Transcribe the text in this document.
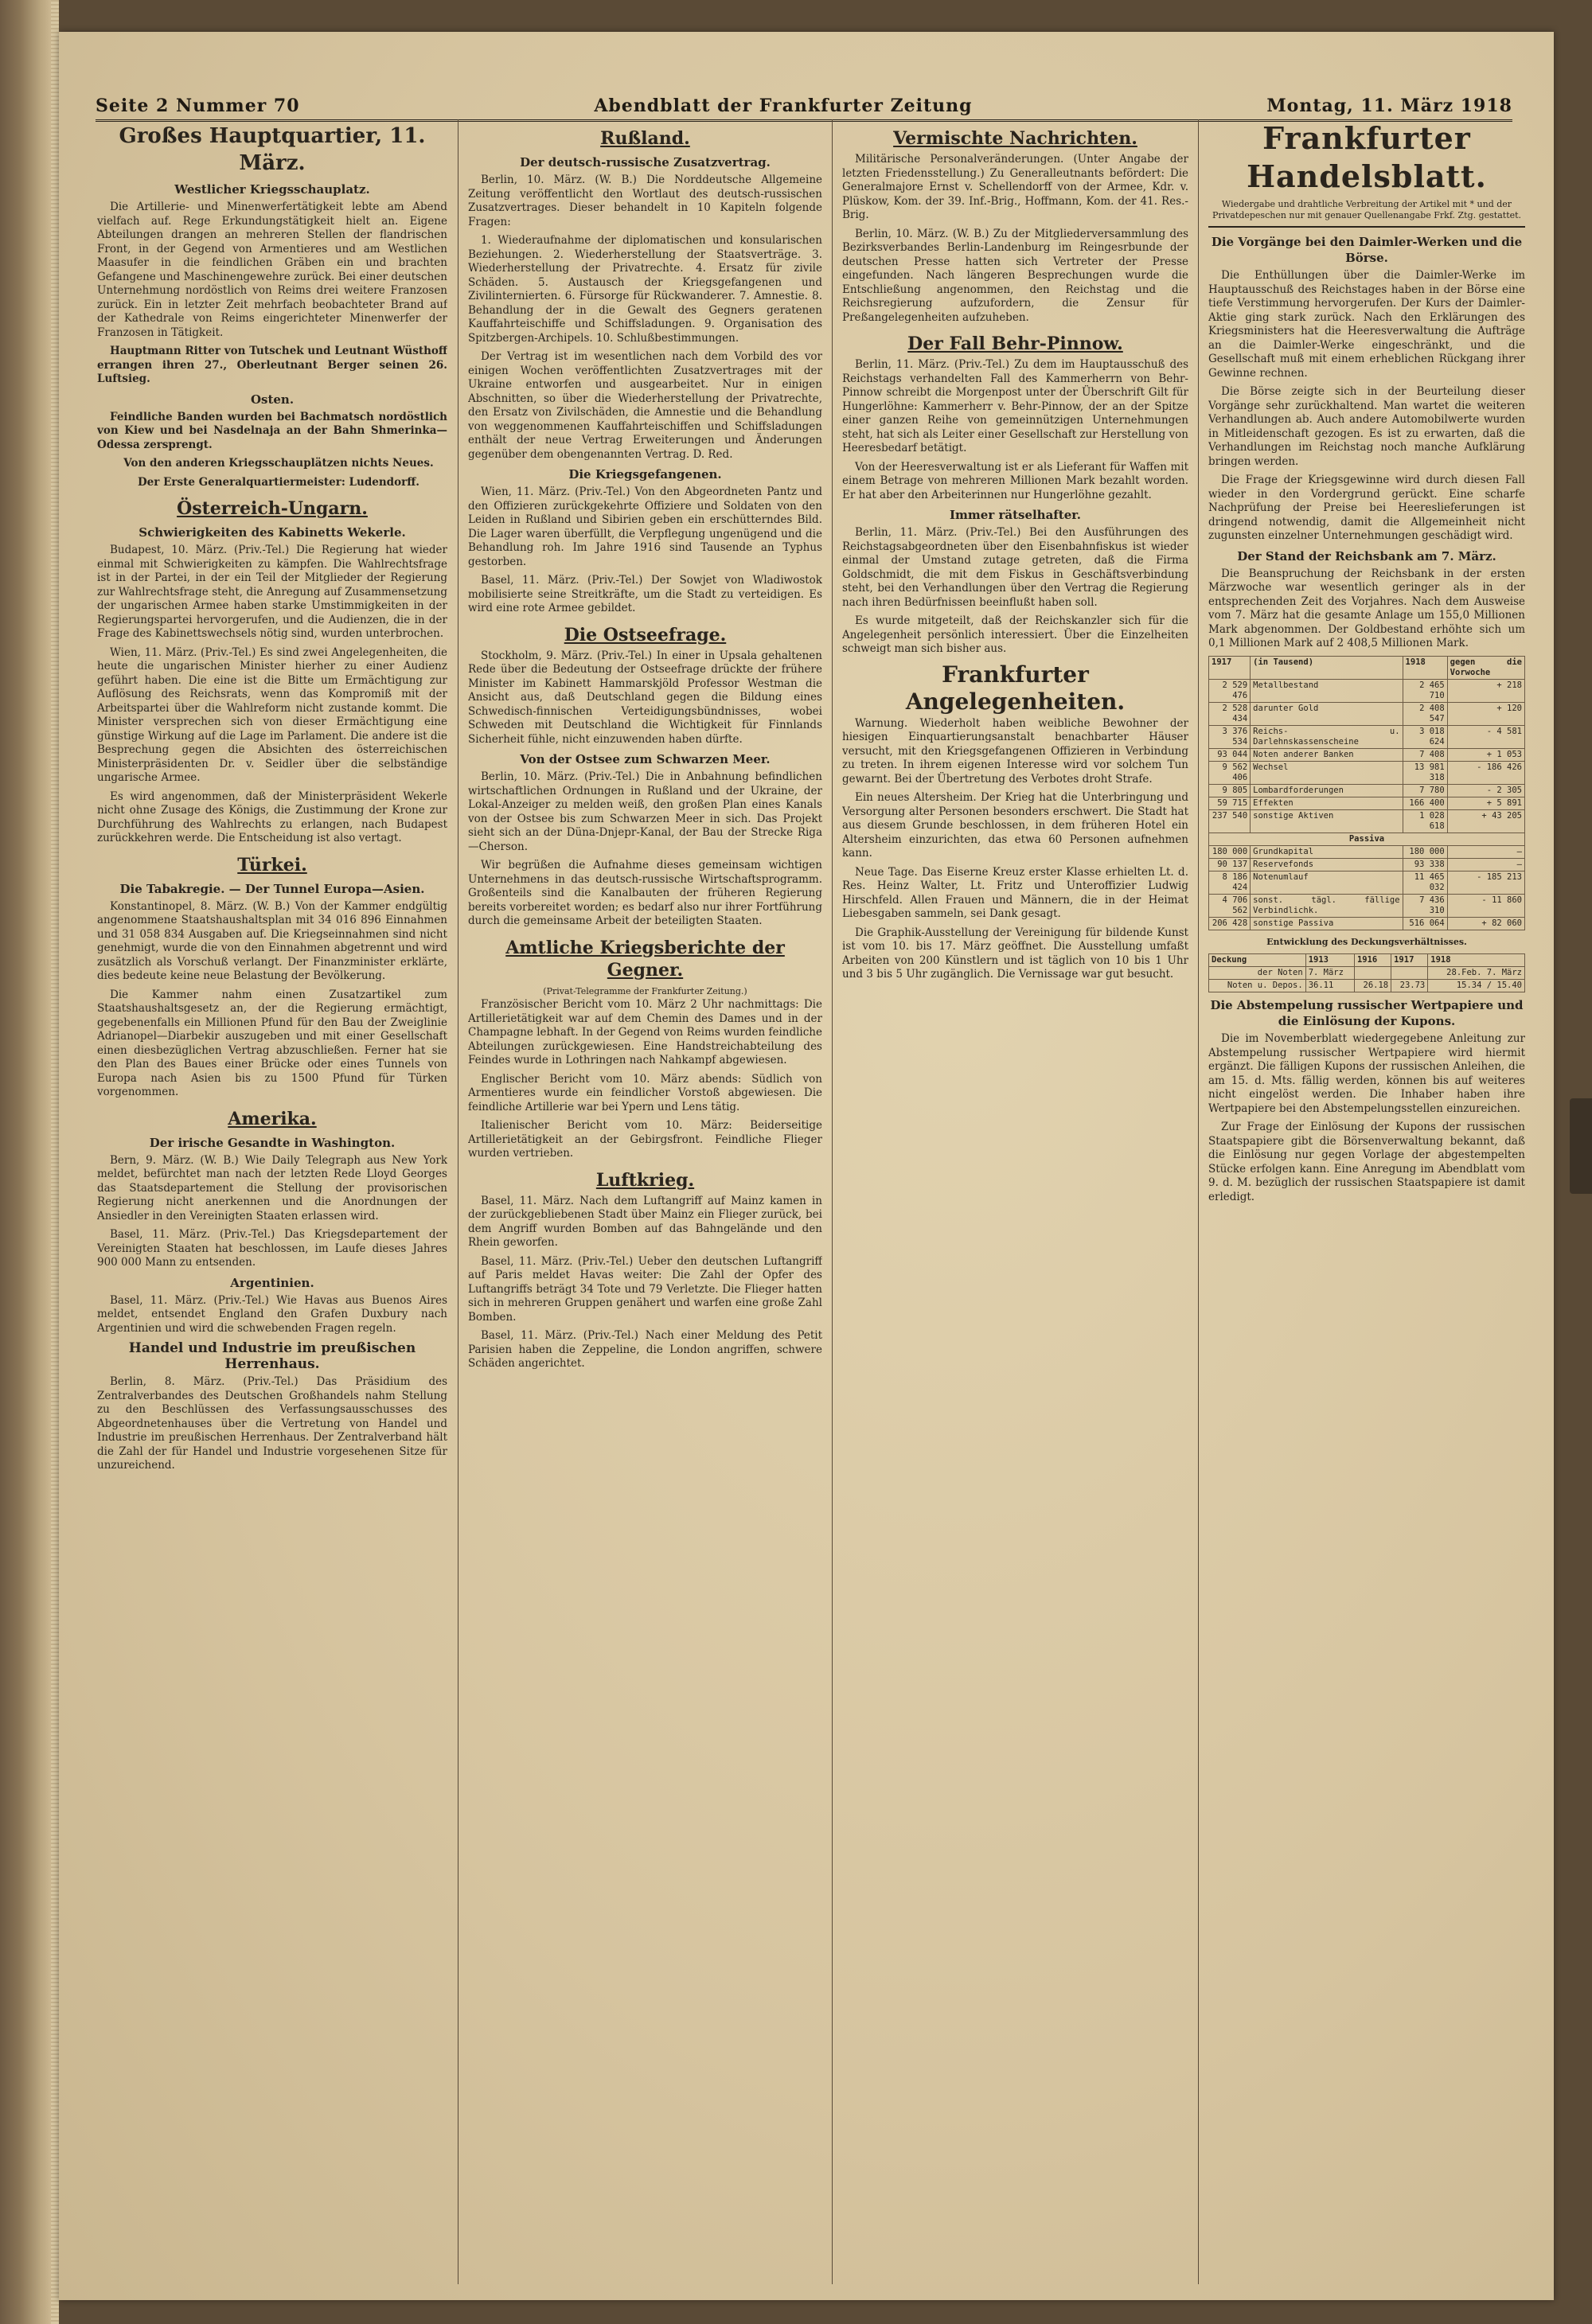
Seite 2 Nummer 70	Abendblatt der Frankfurter Zeitung	Montag, 11. März 1918
Großes Hauptquartier, 11. März.
Westlicher Kriegsschauplatz.

Die Artillerie- und Minenwerfertätigkeit lebte am Abend vielfach auf. Rege Erkundungstätigkeit hielt an. Eigene Abteilungen drangen an mehreren Stellen der flandrischen Front, in der Gegend von Armentieres und am Westlichen Maasufer in die feindlichen Gräben ein und brachten Gefangene und Maschinengewehre zurück. Bei einer deutschen Unternehmung nordöstlich von Reims drei weitere Franzosen zurück. Ein in letzter Zeit mehrfach beobachteter Brand auf der Kathedrale von Reims eingerichteter Minenwerfer der Franzosen in Tätigkeit.

Hauptmann Ritter von Tutschek und Leutnant Wüsthoff errangen ihren 27., Oberleutnant Berger seinen 26. Luftsieg.

Osten.

Feindliche Banden wurden bei Bachmatsch nordöstlich von Kiew und bei Nasdelnaja an der Bahn Shmerinka—Odessa zersprengt.

Von den anderen Kriegsschauplätzen nichts Neues.

Der Erste Generalquartiermeister: Ludendorff.

Österreich-Ungarn.
Schwierigkeiten des Kabinetts Wekerle.

Budapest, 10. März. (Priv.-Tel.) Die Regierung hat wieder einmal mit Schwierigkeiten zu kämpfen. Die Wahlrechtsfrage ist in der Partei, in der ein Teil der Mitglieder der Regierung zur Wahlrechtsfrage steht, die Anregung auf Zusammensetzung der ungarischen Armee haben starke Umstimmigkeiten in der Regierungspartei hervorgerufen, und die Audienzen, die in der Frage des Kabinettswechsels nötig sind, wurden unterbrochen.

Wien, 11. März. (Priv.-Tel.) Es sind zwei Angelegenheiten, die heute die ungarischen Minister hierher zu einer Audienz geführt haben. Die eine ist die Bitte um Ermächtigung zur Auflösung des Reichsrats, wenn das Kompromiß mit der Arbeitspartei über die Wahlreform nicht zustande kommt. Die Minister versprechen sich von dieser Ermächtigung eine günstige Wirkung auf die Lage im Parlament. Die andere ist die Besprechung gegen die Absichten des österreichischen Ministerpräsidenten Dr. v. Seidler über die selbständige ungarische Armee.

Es wird angenommen, daß der Ministerpräsident Wekerle nicht ohne Zusage des Königs, die Zustimmung der Krone zur Durchführung des Wahlrechts zu erlangen, nach Budapest zurückkehren werde. Die Entscheidung ist also vertagt.

Türkei.
Die Tabakregie. — Der Tunnel Europa—Asien.

Konstantinopel, 8. März. (W. B.) Von der Kammer endgültig angenommene Staatshaushaltsplan mit 34 016 896 Einnahmen und 31 058 834 Ausgaben auf. Die Kriegseinnahmen sind nicht genehmigt, wurde die von den Einnahmen abgetrennt und wird zusätzlich als Vorschuß verlangt. Der Finanzminister erklärte, dies bedeute keine neue Belastung der Bevölkerung.

Die Kammer nahm einen Zusatzartikel zum Staatshaushaltsgesetz an, der die Regierung ermächtigt, gegebenenfalls ein Millionen Pfund für den Bau der Zweiglinie Adrianopel—Diarbekir auszugeben und mit einer Gesellschaft einen diesbezüglichen Vertrag abzuschließen. Ferner hat sie den Plan des Baues einer Brücke oder eines Tunnels von Europa nach Asien bis zu 1500 Pfund für Türken vorgenommen.

Amerika.
Der irische Gesandte in Washington.

Bern, 9. März. (W. B.) Wie Daily Telegraph aus New York meldet, befürchtet man nach der letzten Rede Lloyd Georges das Staatsdepartement die Stellung der provisorischen Regierung nicht anerkennen und die Anordnungen der Ansiedler in den Vereinigten Staaten erlassen wird.

Basel, 11. März. (Priv.-Tel.) Das Kriegsdepartement der Vereinigten Staaten hat beschlossen, im Laufe dieses Jahres 900 000 Mann zu entsenden.

Argentinien.

Basel, 11. März. (Priv.-Tel.) Wie Havas aus Buenos Aires meldet, entsendet England den Grafen Duxbury nach Argentinien und wird die schwebenden Fragen regeln.

Handel und Industrie im preußischen Herrenhaus.

Berlin, 8. März. (Priv.-Tel.) Das Präsidium des Zentralverbandes des Deutschen Großhandels nahm Stellung zu den Beschlüssen des Verfassungsausschusses des Abgeordnetenhauses über die Vertretung von Handel und Industrie im preußischen Herrenhaus. Der Zentralverband hält die Zahl der für Handel und Industrie vorgesehenen Sitze für unzureichend.

Rußland.
Der deutsch-russische Zusatzvertrag.

Berlin, 10. März. (W. B.) Die Norddeutsche Allgemeine Zeitung veröffentlicht den Wortlaut des deutsch-russischen Zusatzvertrages. Dieser behandelt in 10 Kapiteln folgende Fragen:

1. Wiederaufnahme der diplomatischen und konsularischen Beziehungen. 2. Wiederherstellung der Staatsverträge. 3. Wiederherstellung der Privatrechte. 4. Ersatz für zivile Schäden. 5. Austausch der Kriegsgefangenen und Zivilinternierten. 6. Fürsorge für Rückwanderer. 7. Amnestie. 8. Behandlung der in die Gewalt des Gegners geratenen Kauffahrteischiffe und Schiffsladungen. 9. Organisation des Spitzbergen-Archipels. 10. Schlußbestimmungen.

Der Vertrag ist im wesentlichen nach dem Vorbild des vor einigen Wochen veröffentlichten Zusatzvertrages mit der Ukraine entworfen und ausgearbeitet. Nur in einigen Abschnitten, so über die Wiederherstellung der Privatrechte, den Ersatz von Zivilschäden, die Amnestie und die Behandlung von weggenommenen Kauffahrteischiffen und Schiffsladungen enthält der neue Vertrag Erweiterungen und Änderungen gegenüber dem obengenannten Vertrag. D. Red.

Die Kriegsgefangenen.

Wien, 11. März. (Priv.-Tel.) Von den Abgeordneten Pantz und den Offizieren zurückgekehrte Offiziere und Soldaten von den Leiden in Rußland und Sibirien geben ein erschütterndes Bild. Die Lager waren überfüllt, die Verpflegung ungenügend und die Behandlung roh. Im Jahre 1916 sind Tausende an Typhus gestorben.

Basel, 11. März. (Priv.-Tel.) Der Sowjet von Wladiwostok mobilisierte seine Streitkräfte, um die Stadt zu verteidigen. Es wird eine rote Armee gebildet.

Die Ostseefrage.

Stockholm, 9. März. (Priv.-Tel.) In einer in Upsala gehaltenen Rede über die Bedeutung der Ostseefrage drückte der frühere Minister im Kabinett Hammarskjöld Professor Westman die Ansicht aus, daß Deutschland gegen die Bildung eines Schwedisch-finnischen Verteidigungsbündnisses, wobei Schweden mit Deutschland die Wichtigkeit für Finnlands Sicherheit fühle, nicht einzuwenden haben dürfte.

Von der Ostsee zum Schwarzen Meer.

Berlin, 10. März. (Priv.-Tel.) Die in Anbahnung befindlichen wirtschaftlichen Ordnungen in Rußland und der Ukraine, der Lokal-Anzeiger zu melden weiß, den großen Plan eines Kanals von der Ostsee bis zum Schwarzen Meer in sich. Das Projekt sieht sich an der Düna-Dnjepr-Kanal, der Bau der Strecke Riga—Cherson.

Wir begrüßen die Aufnahme dieses gemeinsam wichtigen Unternehmens in das deutsch-russische Wirtschaftsprogramm. Großenteils sind die Kanalbauten der früheren Regierung bereits vorbereitet worden; es bedarf also nur ihrer Fortführung durch die gemeinsame Arbeit der beteiligten Staaten.

Amtliche Kriegsberichte der Gegner.
(Privat-Telegramme der Frankfurter Zeitung.)

Französischer Bericht vom 10. März 2 Uhr nachmittags: Die Artillerietätigkeit war auf dem Chemin des Dames und in der Champagne lebhaft. In der Gegend von Reims wurden feindliche Abteilungen zurückgewiesen. Eine Handstreichabteilung des Feindes wurde in Lothringen nach Nahkampf abgewiesen.

Englischer Bericht vom 10. März abends: Südlich von Armentieres wurde ein feindlicher Vorstoß abgewiesen. Die feindliche Artillerie war bei Ypern und Lens tätig.

Italienischer Bericht vom 10. März: Beiderseitige Artillerietätigkeit an der Gebirgsfront. Feindliche Flieger wurden vertrieben.

Luftkrieg.

Basel, 11. März. Nach dem Luftangriff auf Mainz kamen in der zurückgebliebenen Stadt über Mainz ein Flieger zurück, bei dem Angriff wurden Bomben auf das Bahngelände und den Rhein geworfen.

Basel, 11. März. (Priv.-Tel.) Ueber den deutschen Luftangriff auf Paris meldet Havas weiter: Die Zahl der Opfer des Luftangriffs beträgt 34 Tote und 79 Verletzte. Die Flieger hatten sich in mehreren Gruppen genähert und warfen eine große Zahl Bomben.

Basel, 11. März. (Priv.-Tel.) Nach einer Meldung des Petit Parisien haben die Zeppeline, die London angriffen, schwere Schäden angerichtet.

Vermischte Nachrichten.

Militärische Personalveränderungen. (Unter Angabe der letzten Friedensstellung.) Zu Generalleutnants befördert: Die Generalmajore Ernst v. Schellendorff von der Armee, Kdr. v. Plüskow, Kom. der 39. Inf.-Brig., Hoffmann, Kom. der 41. Res.-Brig.

Berlin, 10. März. (W. B.) Zu der Mitgliederversammlung des Bezirksverbandes Berlin-Landenburg im Reingesrbunde der deutschen Presse hatten sich Vertreter der Presse eingefunden. Nach längeren Besprechungen wurde die Entschließung angenommen, den Reichstag und die Reichsregierung aufzufordern, die Zensur für Preßangelegenheiten aufzuheben.

Der Fall Behr-Pinnow.

Berlin, 11. März. (Priv.-Tel.) Zu dem im Hauptausschuß des Reichstags verhandelten Fall des Kammerherrn von Behr-Pinnow schreibt die Morgenpost unter der Überschrift Gilt für Hungerlöhne: Kammerherr v. Behr-Pinnow, der an der Spitze einer ganzen Reihe von gemeinnützigen Unternehmungen steht, hat sich als Leiter einer Gesellschaft zur Herstellung von Heeresbedarf betätigt.

Von der Heeresverwaltung ist er als Lieferant für Waffen mit einem Betrage von mehreren Millionen Mark bezahlt worden. Er hat aber den Arbeiterinnen nur Hungerlöhne gezahlt.

Immer rätselhafter.

Berlin, 11. März. (Priv.-Tel.) Bei den Ausführungen des Reichstagsabgeordneten über den Eisenbahnfiskus ist wieder einmal der Umstand zutage getreten, daß die Firma Goldschmidt, die mit dem Fiskus in Geschäftsverbindung steht, bei den Verhandlungen über den Vertrag die Regierung nach ihren Bedürfnissen beeinflußt haben soll.

Es wurde mitgeteilt, daß der Reichskanzler sich für die Angelegenheit persönlich interessiert. Über die Einzelheiten schweigt man sich bisher aus.

Frankfurter Angelegenheiten.

Warnung. Wiederholt haben weibliche Bewohner der hiesigen Einquartierungsanstalt benachbarter Häuser versucht, mit den Kriegsgefangenen Offizieren in Verbindung zu treten. In ihrem eigenen Interesse wird vor solchem Tun gewarnt. Bei der Übertretung des Verbotes droht Strafe.

Ein neues Altersheim. Der Krieg hat die Unterbringung und Versorgung alter Personen besonders erschwert. Die Stadt hat aus diesem Grunde beschlossen, in dem früheren Hotel ein Altersheim einzurichten, das etwa 60 Personen aufnehmen kann.

Neue Tage. Das Eiserne Kreuz erster Klasse erhielten Lt. d. Res. Heinz Walter, Lt. Fritz und Unteroffizier Ludwig Hirschfeld. Allen Frauen und Männern, die in der Heimat Liebesgaben sammeln, sei Dank gesagt.

Die Graphik-Ausstellung der Vereinigung für bildende Kunst ist vom 10. bis 17. März geöffnet. Die Ausstellung umfaßt Arbeiten von 200 Künstlern und ist täglich von 10 bis 1 Uhr und 3 bis 5 Uhr zugänglich. Die Vernissage war gut besucht.

Frankfurter Handelsblatt.
Wiedergabe und drahtliche Verbreitung der Artikel mit * und der Privatdepeschen nur mit genauer Quellenangabe Frkf. Ztg. gestattet.
Die Vorgänge bei den Daimler-Werken und die Börse.

Die Enthüllungen über die Daimler-Werke im Hauptausschuß des Reichstages haben in der Börse eine tiefe Verstimmung hervorgerufen. Der Kurs der Daimler-Aktie ging stark zurück. Nach den Erklärungen des Kriegsministers hat die Heeresverwaltung die Aufträge an die Daimler-Werke eingeschränkt, und die Gesellschaft muß mit einem erheblichen Rückgang ihrer Gewinne rechnen.

Die Börse zeigte sich in der Beurteilung dieser Vorgänge sehr zurückhaltend. Man wartet die weiteren Verhandlungen ab. Auch andere Automobilwerte wurden in Mitleidenschaft gezogen. Es ist zu erwarten, daß die Verhandlungen im Reichstag noch manche Aufklärung bringen werden.

Die Frage der Kriegsgewinne wird durch diesen Fall wieder in den Vordergrund gerückt. Eine scharfe Nachprüfung der Preise bei Heereslieferungen ist dringend notwendig, damit die Allgemeinheit nicht zugunsten einzelner Unternehmungen geschädigt wird.

Der Stand der Reichsbank am 7. März.

Die Beanspruchung der Reichsbank in der ersten Märzwoche war wesentlich geringer als in der entsprechenden Zeit des Vorjahres. Nach dem Ausweise vom 7. März hat die gesamte Anlage um 155,0 Millionen Mark abgenommen. Der Goldbestand erhöhte sich um 0,1 Millionen Mark auf 2 408,5 Millionen Mark.

1917	(in Tausend)	1918	gegen die Vorwoche
2 529 476	Metallbestand	2 465 710	+ 218
2 528 434	darunter Gold	2 408 547	+ 120
3 376 534	Reichs- u. Darlehnskassenscheine	3 018 624	- 4 581
93 044	Noten anderer Banken	7 408	+ 1 053
9 562 406	Wechsel	13 981 318	- 186 426
9 805	Lombardforderungen	7 780	- 2 305
59 715	Effekten	166 400	+ 5 891
237 540	sonstige Aktiven	1 028 618	+ 43 205
Passiva			
180 000	Grundkapital	180 000	—
90 137	Reservefonds	93 338	—
8 186 424	Notenumlauf	11 465 032	- 185 213
4 706 562	sonst. tägl. fällige Verbindlichk.	7 436 310	- 11 860
206 428	sonstige Passiva	516 064	+ 82 060
Entwicklung des Deckungsverhältnisses.
Deckung	1913	1916	1917	1918
der Noten	7. März			28.Feb. 7. März
Noten u. Depos.	36.11	26.18	23.73	15.34 / 15.40
Die Abstempelung russischer Wertpapiere und die Einlösung der Kupons.

Die im Novemberblatt wiedergegebene Anleitung zur Abstempelung russischer Wertpapiere wird hiermit ergänzt. Die fälligen Kupons der russischen Anleihen, die am 15. d. Mts. fällig werden, können bis auf weiteres nicht eingelöst werden. Die Inhaber haben ihre Wertpapiere bei den Abstempelungsstellen einzureichen.

Zur Frage der Einlösung der Kupons der russischen Staatspapiere gibt die Börsenverwaltung bekannt, daß die Einlösung nur gegen Vorlage der abgestempelten Stücke erfolgen kann. Eine Anregung im Abendblatt vom 9. d. M. bezüglich der russischen Staatspapiere ist damit erledigt.
